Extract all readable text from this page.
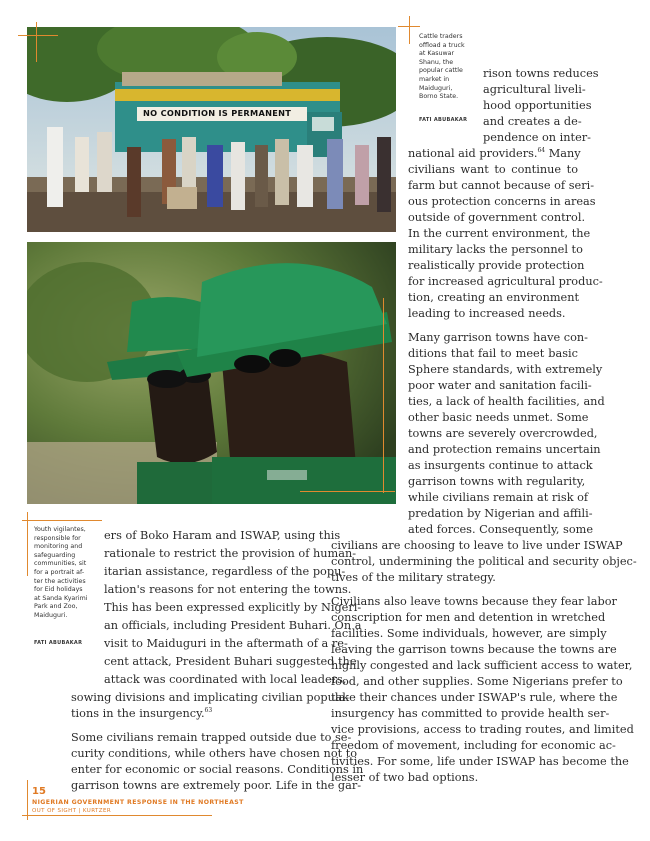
NO CONDITION IS PERMANENT
Cattle traders
offload a truck
at Kasuwar
Shanu, the
popular cattle
market in
Maiduguri,
Borno State.
FATI ABUBAKAR
Youth vigilantes,
responsible for
monitoring and
safeguarding
communities, sit
for a portrait af-
ter the activities
for Eid holidays
at Sanda Kyarimi
Park and Zoo,
Maiduguri.
FATI ABUBAKAR
rison towns reduces
agricultural liveli-
hood opportunities
and creates a de-
pendence on inter-
national aid providers.$^{64}$ Many
civilians want to continue to
farm but cannot because of seri-
ous protection concerns in areas
outside of government control.
In the current environment, the
military lacks the personnel to
realistically provide protection
for increased agricultural produc-
tion, creating an environment
leading to increased needs.
Many garrison towns have con-
ditions that fail to meet basic
Sphere standards, with extremely
poor water and sanitation facili-
ties, a lack of health facilities, and
other basic needs unmet. Some
towns are severely overcrowded,
and protection remains uncertain
as insurgents continue to attack
garrison towns with regularity,
while civilians remain at risk of
predation by Nigerian and affili-
ated forces. Consequently, some
civilians are choosing to leave to live under ISWAP
control, undermining the political and security objec-
tives of the military strategy.
Civilians also leave towns because they fear labor
conscription for men and detention in wretched
facilities. Some individuals, however, are simply
leaving the garrison towns because the towns are
highly congested and lack sufficient access to water,
food, and other supplies. Some Nigerians prefer to
take their chances under ISWAP's rule, where the
insurgency has committed to provide health ser-
vice provisions, access to trading routes, and limited
freedom of movement, including for economic ac-
tivities. For some, life under ISWAP has become the
lesser of two bad options.
ers of Boko Haram and ISWAP, using this
rationale to restrict the provision of human-
itarian assistance, regardless of the popu-
lation's reasons for not entering the towns.
This has been expressed explicitly by Nigeri-
an officials, including President Buhari. On a
visit to Maiduguri in the aftermath of a re-
cent attack, President Buhari suggested the
attack was coordinated with local leaders,
sowing divisions and implicating civilian popula-
tions in the insurgency.$^{63}$
Some civilians remain trapped outside due to se-
curity conditions, while others have chosen not to
enter for economic or social reasons. Conditions in
garrison towns are extremely poor. Life in the gar-
15
NIGERIAN GOVERNMENT RESPONSE IN THE NORTHEAST
OUT OF SIGHT | KURTZER
